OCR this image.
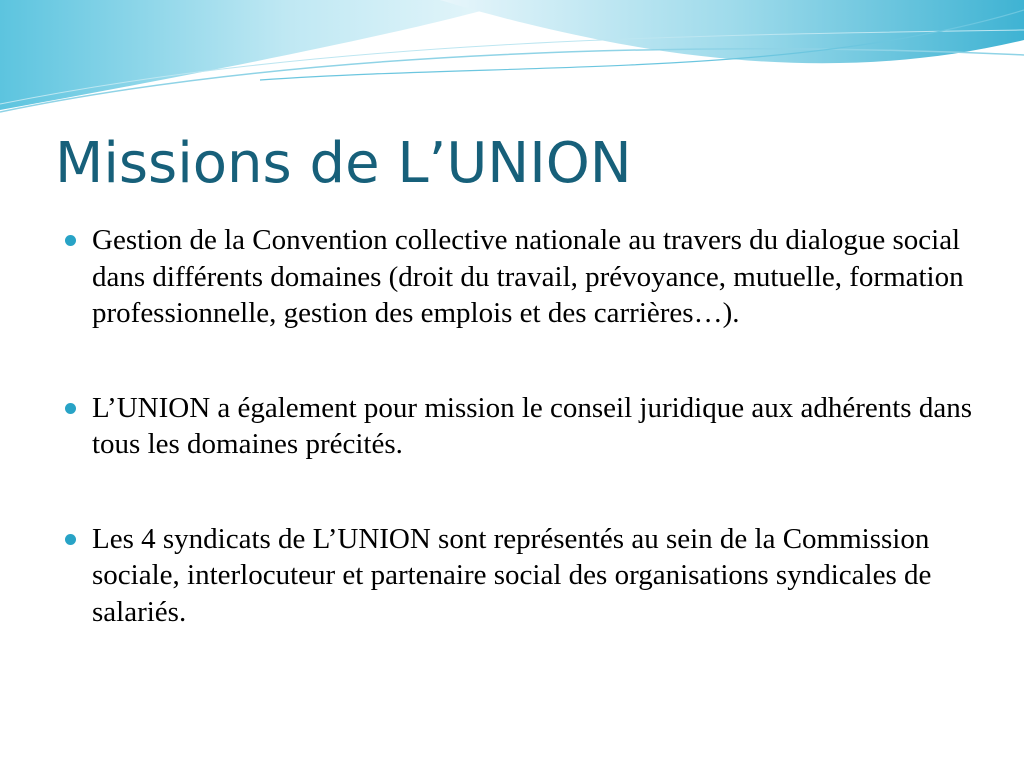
Missions de L’UNION
Gestion de la Convention collective nationale au travers du dialogue social dans différents domaines (droit du travail, prévoyance, mutuelle, formation professionnelle, gestion des emplois et des carrières…).
L’UNION a également pour mission le conseil juridique aux adhérents dans tous les domaines précités.
Les 4 syndicats de L’UNION sont représentés au sein de la Commission sociale, interlocuteur et partenaire social des organisations syndicales de salariés.
